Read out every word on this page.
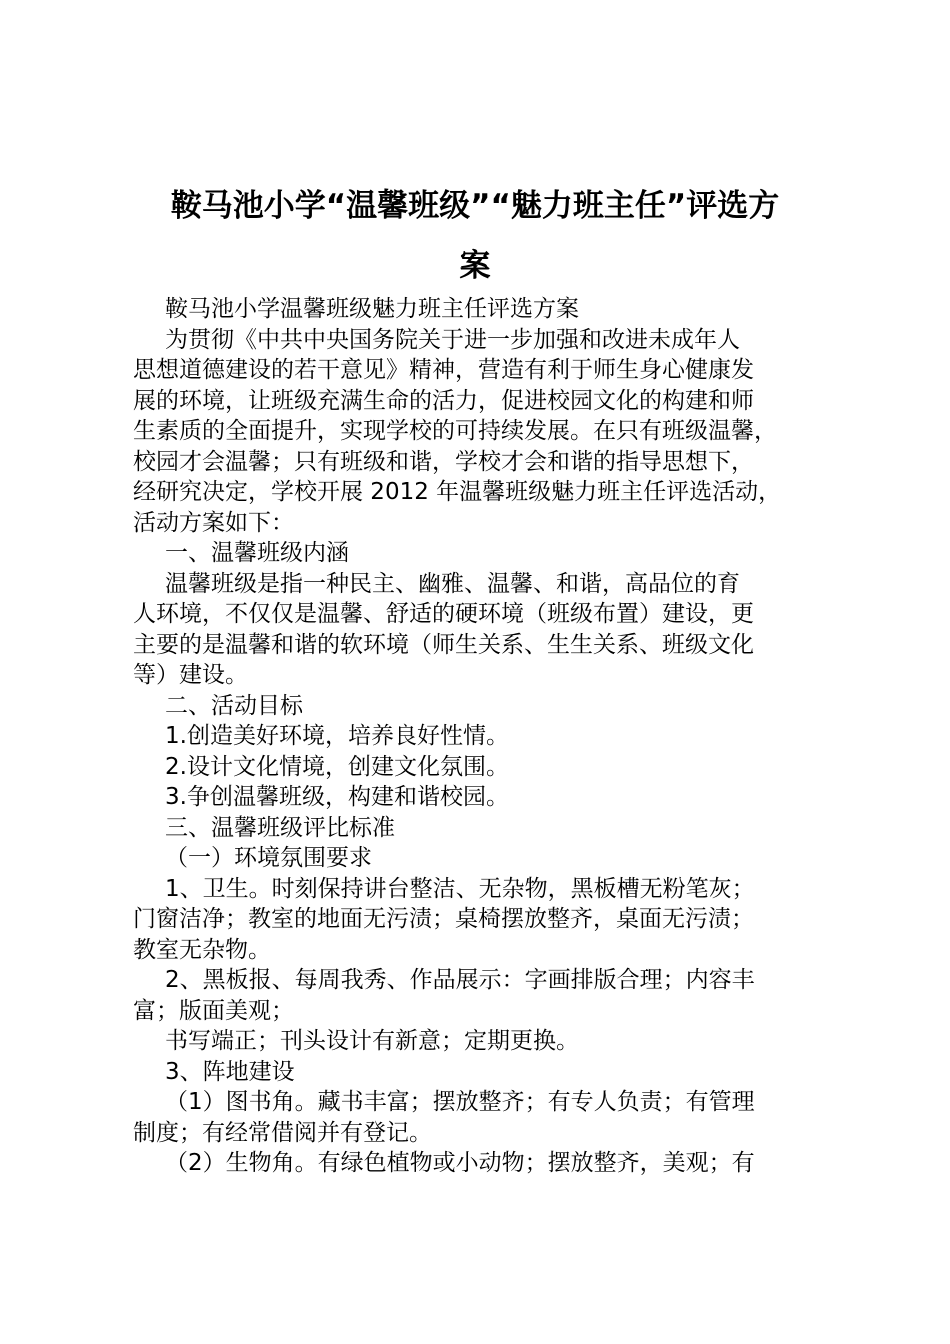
鞍马池小学“温馨班级”“魅力班主任”评选方
案
鞍马池小学温馨班级魅力班主任评选方案
为贯彻《中共中央国务院关于进一步加强和改进未成年人
思想道德建设的若干意见》精神，营造有利于师生身心健康发
展的环境，让班级充满生命的活力，促进校园文化的构建和师
生素质的全面提升，实现学校的可持续发展。在只有班级温馨，
校园才会温馨；只有班级和谐，学校才会和谐的指导思想下，
经研究决定，学校开展 2012 年温馨班级魅力班主任评选活动，
活动方案如下：
一、温馨班级内涵
温馨班级是指一种民主、幽雅、温馨、和谐，高品位的育
人环境，不仅仅是温馨、舒适的硬环境（班级布置）建设，更
主要的是温馨和谐的软环境（师生关系、生生关系、班级文化
等）建设。
二、活动目标
1.创造美好环境，培养良好性情。
2.设计文化情境，创建文化氛围。
3.争创温馨班级，构建和谐校园。
三、温馨班级评比标准
（一）环境氛围要求
1、卫生。时刻保持讲台整洁、无杂物，黑板槽无粉笔灰；
门窗洁净；教室的地面无污渍；桌椅摆放整齐，桌面无污渍；
教室无杂物。
2、黑板报、每周我秀、作品展示：字画排版合理；内容丰
富；版面美观；
书写端正；刊头设计有新意；定期更换。
3、阵地建设
（1）图书角。藏书丰富；摆放整齐；有专人负责；有管理
制度；有经常借阅并有登记。
（2）生物角。有绿色植物或小动物；摆放整齐，美观；有
